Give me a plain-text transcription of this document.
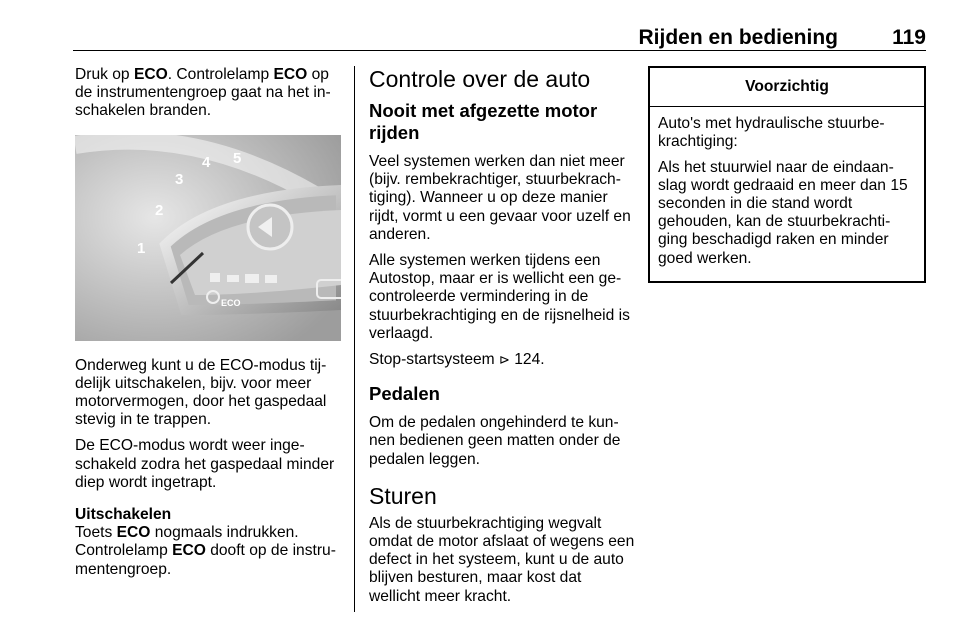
Rijden en bediening	119

Druk op ECO. Controlelamp ECO op de instrumentengroep gaat na het in-schakelen branden.

1
2
3
4 5
ECO

Onderweg kunt u de ECO-modus tij-delijk uitschakelen, bijv. voor meer motorvermogen, door het gaspedaal stevig in te trappen.

De ECO-modus wordt weer inge-schakeld zodra het gaspedaal minder diep wordt ingetrapt.

Uitschakelen

Toets ECO nogmaals indrukken.

Controlelamp ECO dooft op de instru-mentengroep.

Controle over de auto
Nooit met afgezette motor rijden

Veel systemen werken dan niet meer (bijv. rembekrachtiger, stuurbekrach-tiging). Wanneer u op deze manier rijdt, vormt u een gevaar voor uzelf en anderen.

Alle systemen werken tijdens een Autostop, maar er is wellicht een ge-controleerde vermindering in de stuurbekrachtiging en de rijsnelheid is verlaagd.

Stop-startsysteem ⊳ 124.

Pedalen

Om de pedalen ongehinderd te kun-nen bedienen geen matten onder de pedalen leggen.

Sturen

Als de stuurbekrachtiging wegvalt omdat de motor afslaat of wegens een defect in het systeem, kunt u de auto blijven besturen, maar kost dat wellicht meer kracht.

Voorzichtig

Auto's met hydraulische stuurbe-krachtiging:

Als het stuurwiel naar de eindaan-slag wordt gedraaid en meer dan 15 seconden in die stand wordt gehouden, kan de stuurbekrachti-ging beschadigd raken en minder goed werken.
